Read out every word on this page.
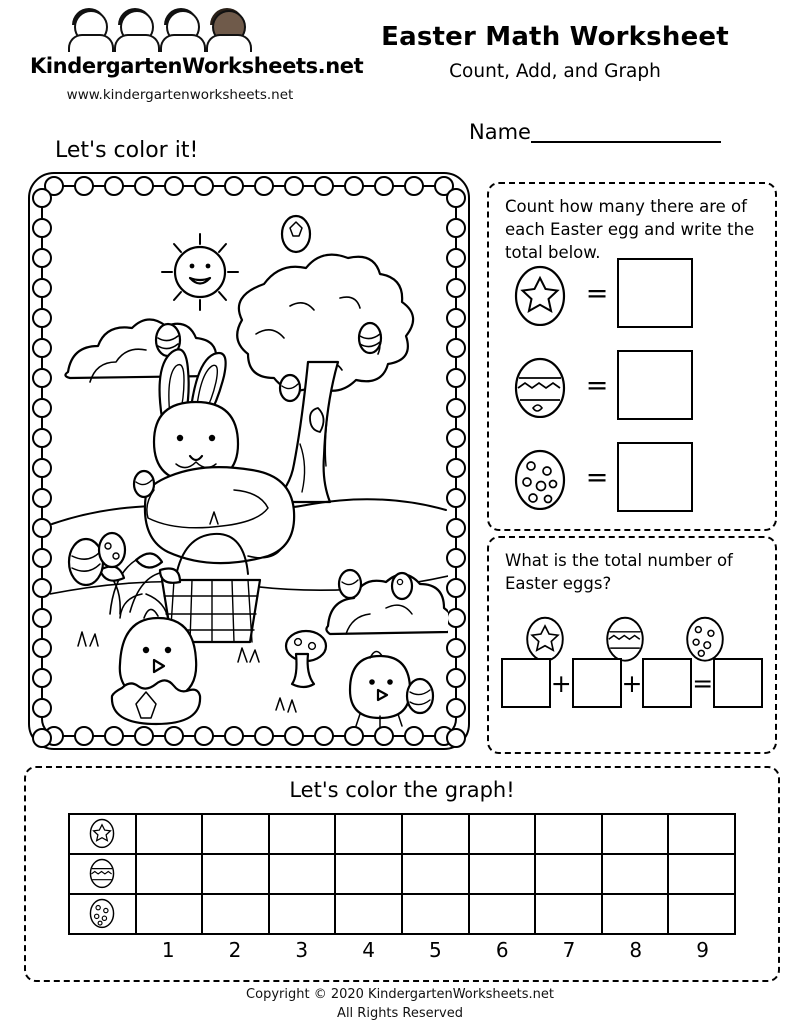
KindergartenWorksheets.net
www.kindergartenworksheets.net
Easter Math Worksheet
Count, Add, and Graph
Name
Let's color it!
Count how many there are of each Easter egg and write the total below.
=
=
=
What is the total number of Easter eggs?
+ + =
Let's color the graph!
1	2	3	4	5	6	7	8	9
Copyright © 2020 KindergartenWorksheets.net
All Rights Reserved
